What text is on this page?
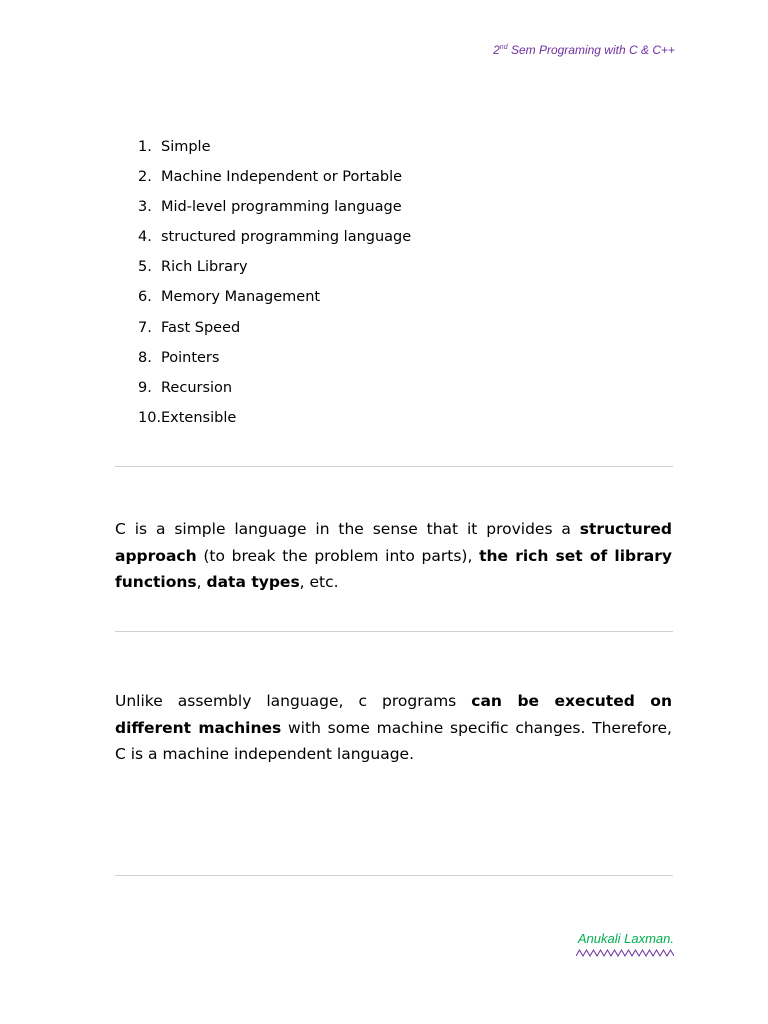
2nd Sem Programing with C & C++
1. Simple
2. Machine Independent or Portable
3. Mid-level programming language
4. structured programming language
5. Rich Library
6. Memory Management
7. Fast Speed
8. Pointers
9. Recursion
10.Extensible

C is a simple language in the sense that it provides a structured approach (to break the problem into parts), the rich set of library functions, data types, etc.

Unlike assembly language, c programs can be executed on different machines with some machine specific changes. Therefore, C is a machine independent language.

Anukali Laxman.
